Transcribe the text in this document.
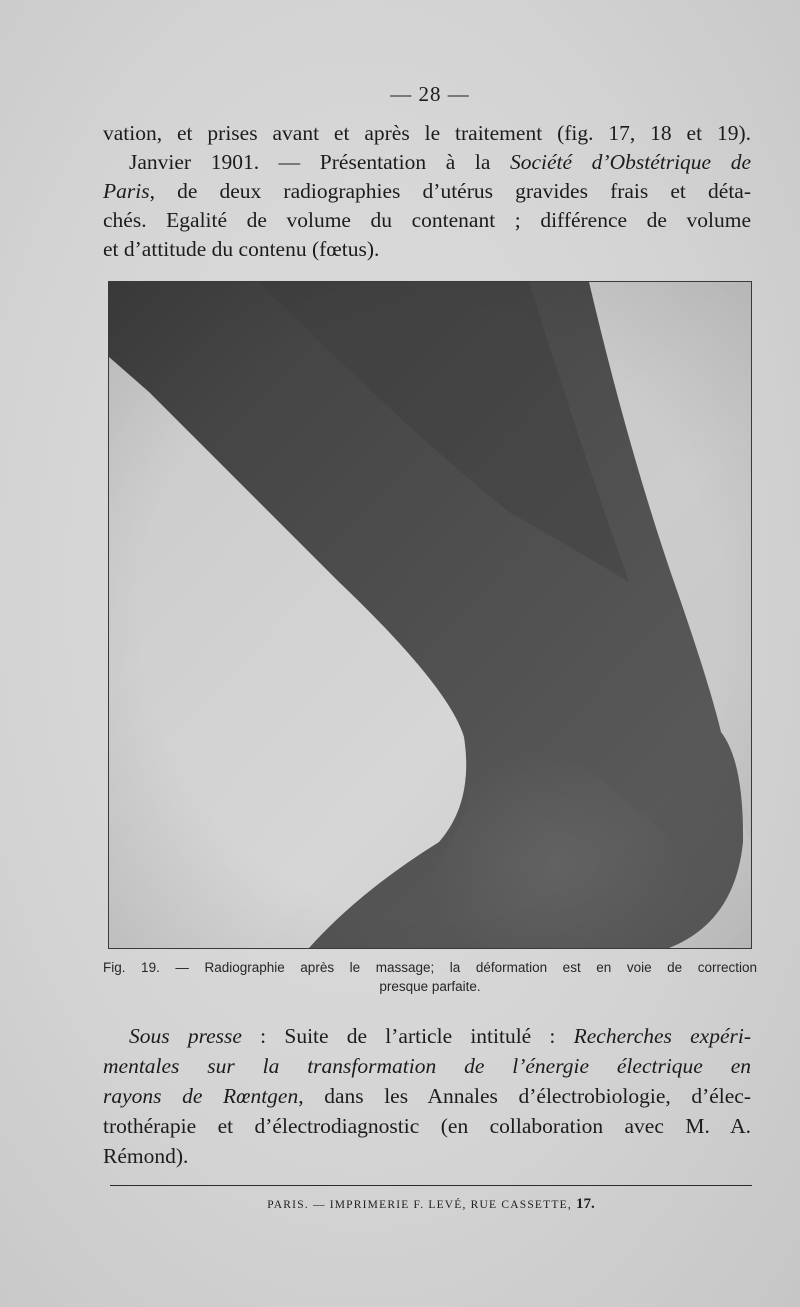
— 28 —
vation, et prises avant et après le traitement (fig. 17, 18 et 19).
Janvier 1901. — Présentation à la Société d’Obstétrique de
Paris, de deux radiographies d’utérus gravides frais et déta-
chés. Egalité de volume du contenant ; différence de volume
et d’attitude du contenu (fœtus).
Fig. 19. — Radiographie après le massage; la déformation est en voie de correction
presque parfaite.
Sous presse : Suite de l’article intitulé : Recherches expéri-
mentales sur la transformation de l’énergie électrique en
rayons de Rœntgen, dans les Annales d’électrobiologie, d’élec-
trothérapie et d’électrodiagnostic (en collaboration avec M. A.
Rémond).
PARIS. — IMPRIMERIE F. LEVÉ, RUE CASSETTE, 17.
